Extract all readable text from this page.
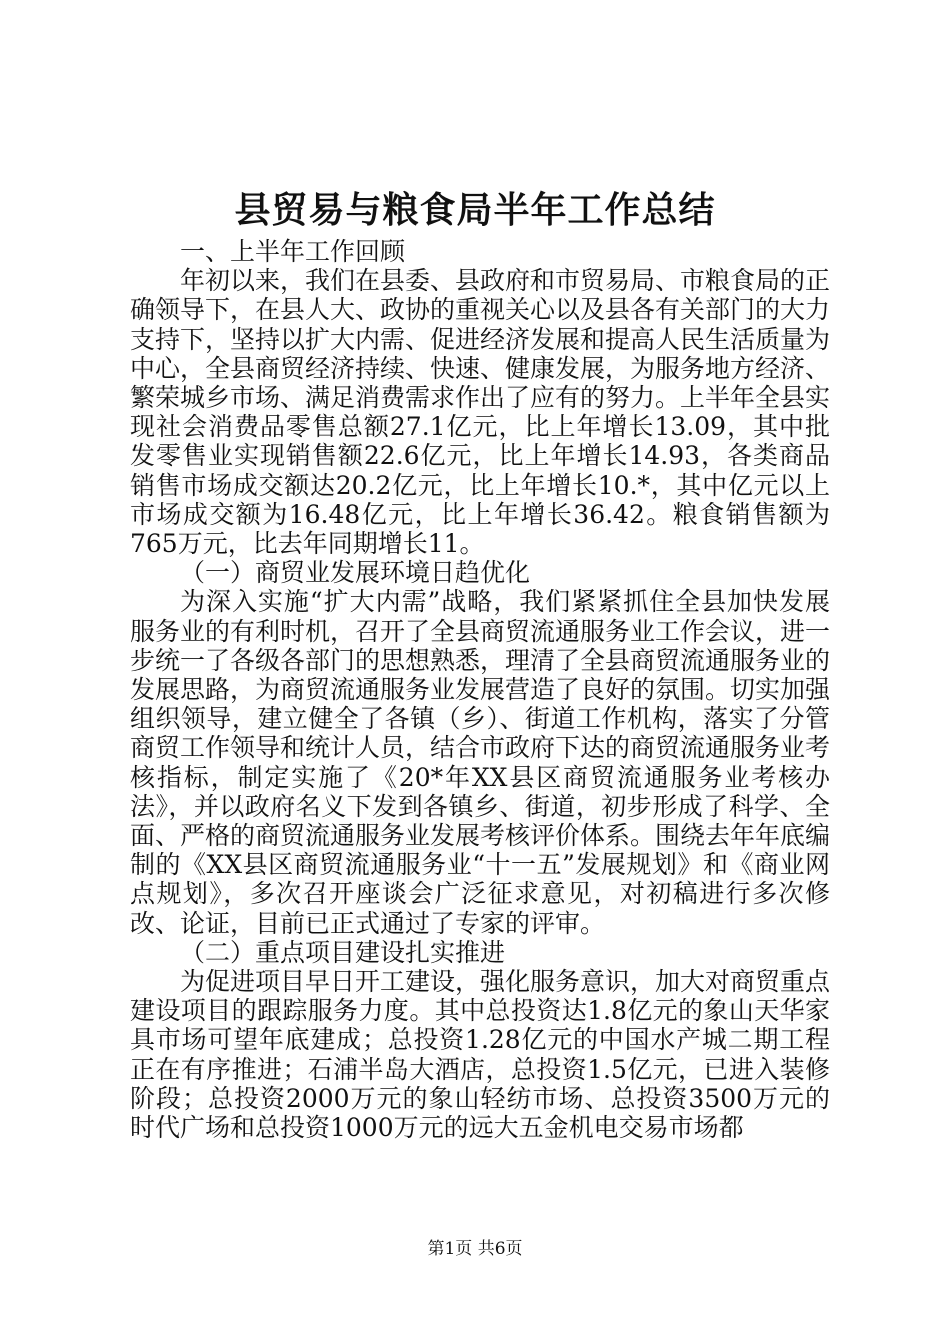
县贸易与粮食局半年工作总结

一、上半年工作回顾

年初以来，我们在县委、县政府和市贸易局、市粮食局的正确领导下，在县人大、政协的重视关心以及县各有关部门的大力支持下，坚持以扩大内需、促进经济发展和提高人民生活质量为中心，全县商贸经济持续、快速、健康发展，为服务地方经济、繁荣城乡市场、满足消费需求作出了应有的努力。上半年全县实现社会消费品零售总额27.1亿元，比上年增长13.09，其中批发零售业实现销售额22.6亿元，比上年增长14.93，各类商品销售市场成交额达20.2亿元，比上年增长10.*，其中亿元以上市场成交额为16.48亿元，比上年增长36.42。粮食销售额为765万元，比去年同期增长11。

（一）商贸业发展环境日趋优化

为深入实施“扩大内需”战略，我们紧紧抓住全县加快发展服务业的有利时机，召开了全县商贸流通服务业工作会议，进一步统一了各级各部门的思想熟悉，理清了全县商贸流通服务业的发展思路，为商贸流通服务业发展营造了良好的氛围。切实加强组织领导，建立健全了各镇（乡）、街道工作机构，落实了分管商贸工作领导和统计人员，结合市政府下达的商贸流通服务业考核指标，制定实施了《20*年XX县区商贸流通服务业考核办法》，并以政府名义下发到各镇乡、街道，初步形成了科学、全面、严格的商贸流通服务业发展考核评价体系。围绕去年年底编制的《XX县区商贸流通服务业“十一五”发展规划》和《商业网点规划》，多次召开座谈会广泛征求意见，对初稿进行多次修改、论证，目前已正式通过了专家的评审。

（二）重点项目建设扎实推进

为促进项目早日开工建设，强化服务意识，加大对商贸重点建设项目的跟踪服务力度。其中总投资达1.8亿元的象山天华家具市场可望年底建成；总投资1.28亿元的中国水产城二期工程正在有序推进；石浦半岛大酒店，总投资1.5亿元，已进入装修阶段；总投资2000万元的象山轻纺市场、总投资3500万元的时代广场和总投资1000万元的远大五金机电交易市场都

第1页 共6页
